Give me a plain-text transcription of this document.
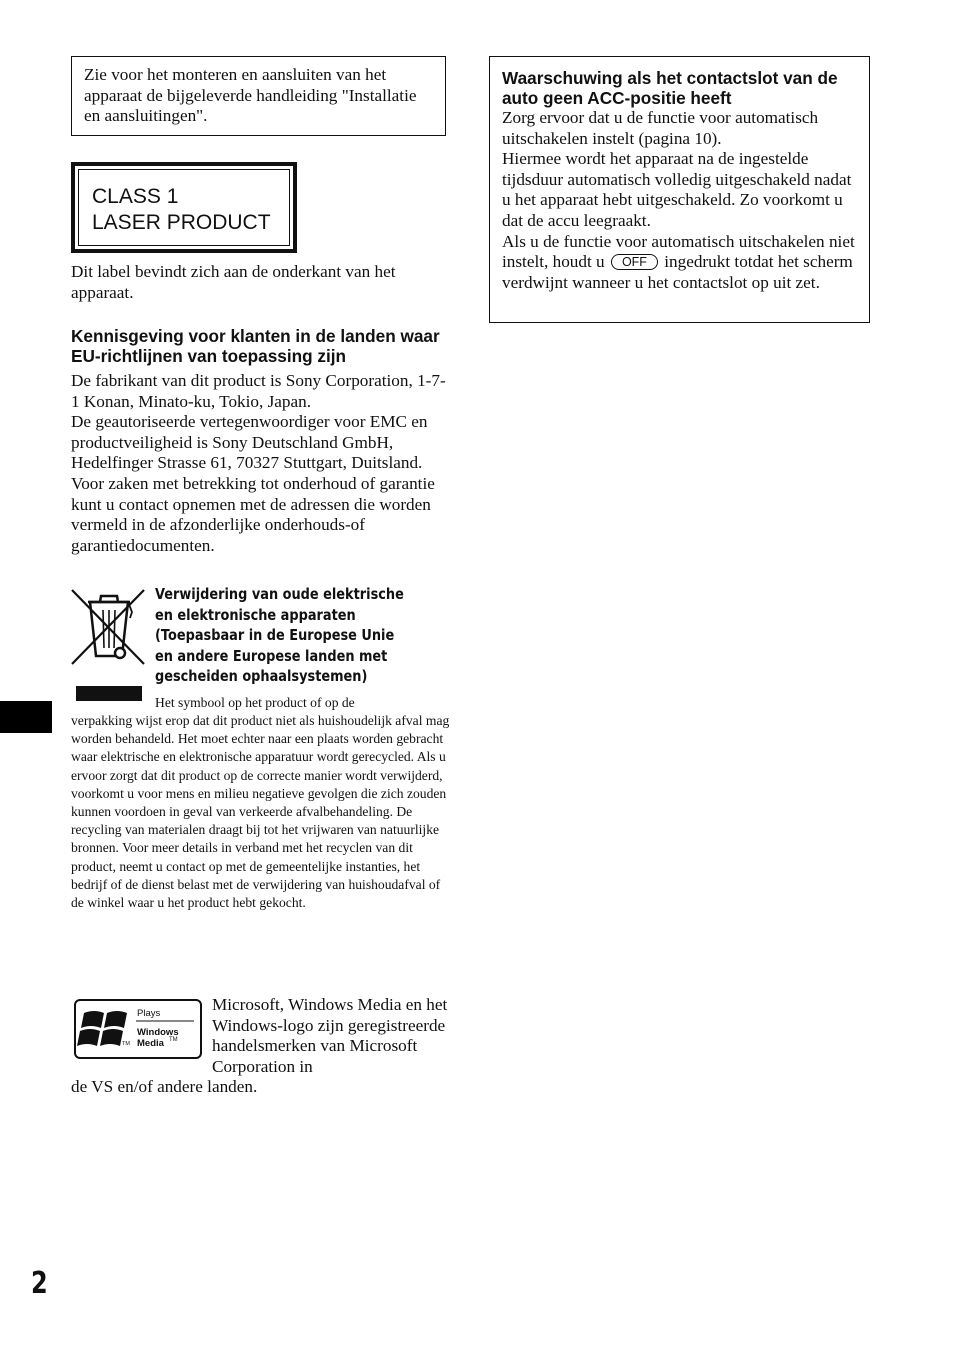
Zie voor het monteren en aansluiten van het apparaat de bijgeleverde handleiding "Installatie en aansluitingen".

CLASS 1
LASER PRODUCT

Dit label bevindt zich aan de onderkant van het apparaat.

Kennisgeving voor klanten in de landen waar EU-richtlijnen van toepassing zijn

De fabrikant van dit product is Sony Corporation, 1-7-1 Konan, Minato-ku, Tokio, Japan.

De geautoriseerde vertegenwoordiger voor EMC en productveiligheid is Sony Deutschland GmbH, Hedelfinger Strasse 61, 70327 Stuttgart, Duitsland. Voor zaken met betrekking tot onderhoud of garantie kunt u contact opnemen met de adressen die worden vermeld in de afzonderlijke onderhouds-of garantiedocumenten.

Verwijdering van oude elektrische en elektronische apparaten (Toepasbaar in de Europese Unie en andere Europese landen met gescheiden ophaalsystemen)

Het symbool op het product of op de

verpakking wijst erop dat dit product niet als huishoudelijk afval mag worden behandeld. Het moet echter naar een plaats worden gebracht waar elektrische en elektronische apparatuur wordt gerecycled. Als u ervoor zorgt dat dit product op de correcte manier wordt verwijderd, voorkomt u voor mens en milieu negatieve gevolgen die zich zouden kunnen voordoen in geval van verkeerde afvalbehandeling. De recycling van materialen draagt bij tot het vrijwaren van natuurlijke bronnen. Voor meer details in verband met het recyclen van dit product, neemt u contact op met de gemeentelijke instanties, het bedrijf of de dienst belast met de verwijdering van huishoudafval of de winkel waar u het product hebt gekocht.

Plays
Windows
Media TM
TM

Microsoft, Windows Media en het Windows-logo zijn geregistreerde handelsmerken van Microsoft Corporation in

de VS en/of andere landen.

Waarschuwing als het contactslot van de auto geen ACC-positie heeft

Zorg ervoor dat u de functie voor automatisch uitschakelen instelt (pagina 10).

Hiermee wordt het apparaat na de ingestelde tijdsduur automatisch volledig uitgeschakeld nadat u het apparaat hebt uitgeschakeld. Zo voorkomt u dat de accu leegraakt.

Als u de functie voor automatisch uitschakelen niet instelt, houdt u OFF ingedrukt totdat het scherm verdwijnt wanneer u het contactslot op uit zet.

2
